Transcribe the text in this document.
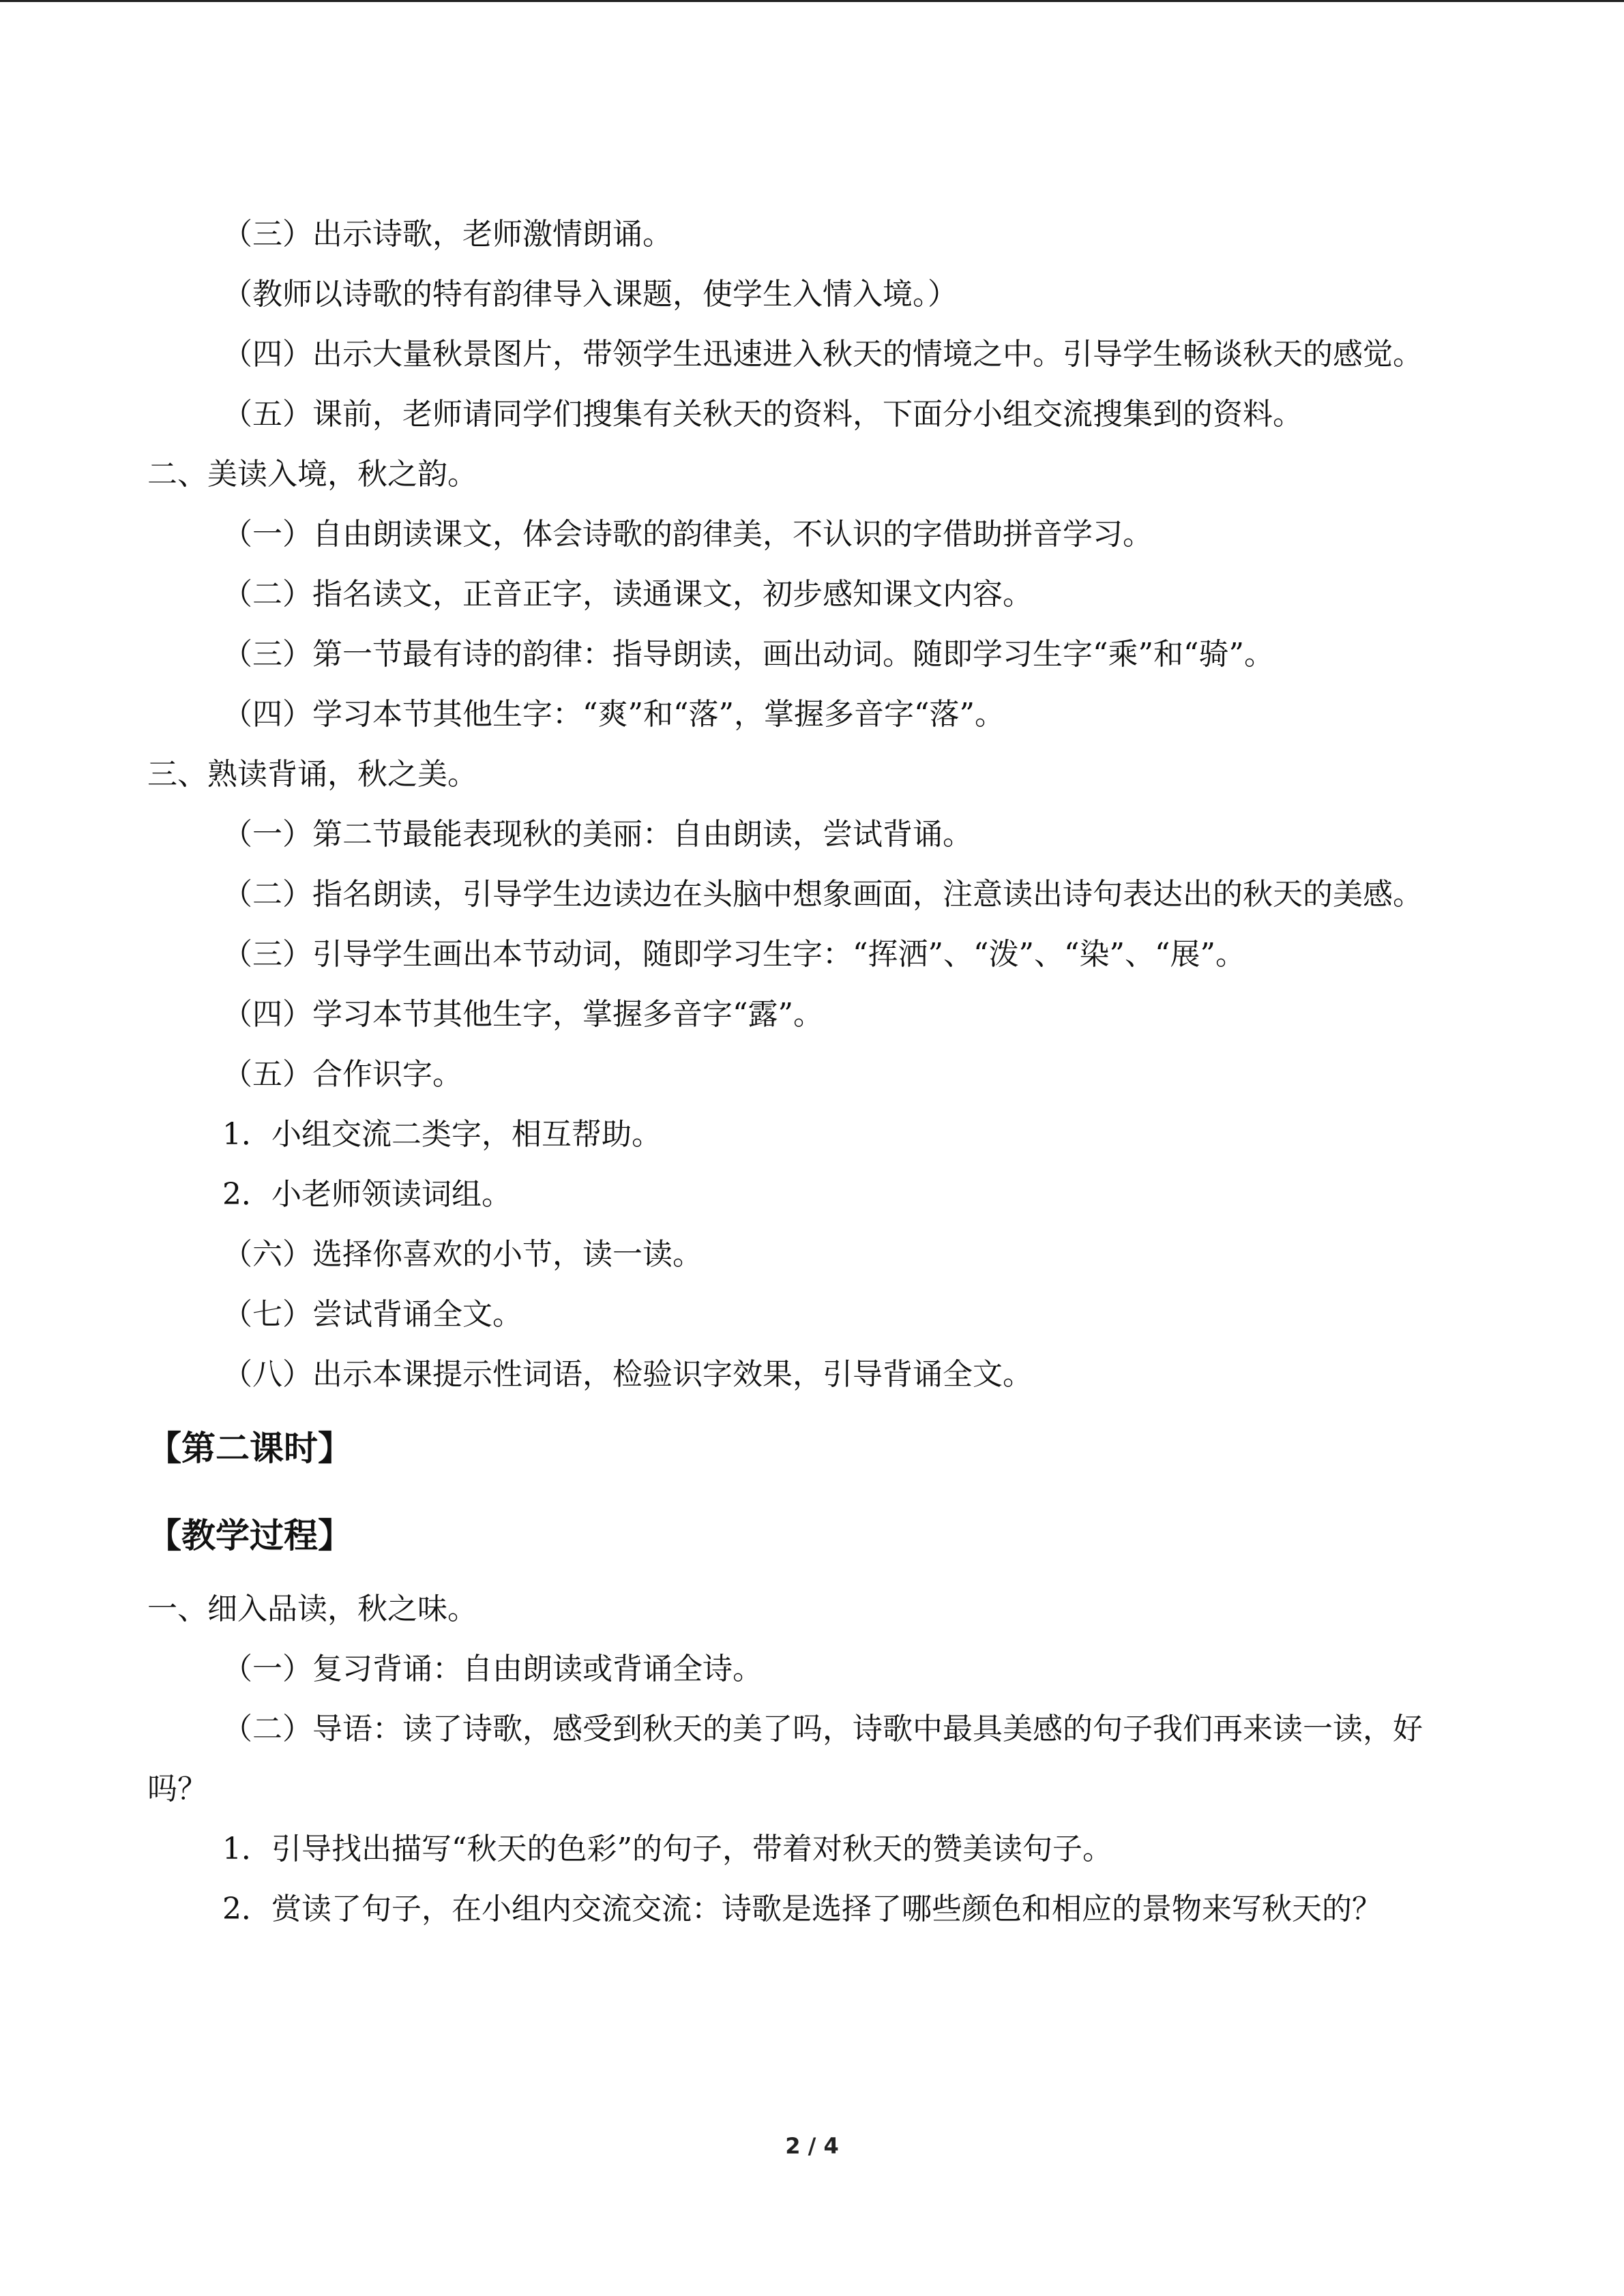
（三）出示诗歌，老师激情朗诵。
（教师以诗歌的特有韵律导入课题，使学生入情入境。）
（四）出示大量秋景图片，带领学生迅速进入秋天的情境之中。引导学生畅谈秋天的感觉。
（五）课前，老师请同学们搜集有关秋天的资料，下面分小组交流搜集到的资料。
二、美读入境，秋之韵。
（一）自由朗读课文，体会诗歌的韵律美，不认识的字借助拼音学习。
（二）指名读文，正音正字，读通课文，初步感知课文内容。
（三）第一节最有诗的韵律：指导朗读，画出动词。随即学习生字“乘”和“骑”。
（四）学习本节其他生字：“爽”和“落”，掌握多音字“落”。
三、熟读背诵，秋之美。
（一）第二节最能表现秋的美丽：自由朗读，尝试背诵。
（二）指名朗读，引导学生边读边在头脑中想象画面，注意读出诗句表达出的秋天的美感。
（三）引导学生画出本节动词，随即学习生字：“挥洒”、“泼”、“染”、“展”。
（四）学习本节其他生字，掌握多音字“露”。
（五）合作识字。
1．小组交流二类字，相互帮助。
2．小老师领读词组。
（六）选择你喜欢的小节，读一读。
（七）尝试背诵全文。
（八）出示本课提示性词语，检验识字效果，引导背诵全文。
【第二课时】
【教学过程】
一、细入品读，秋之味。
（一）复习背诵：自由朗读或背诵全诗。
（二）导语：读了诗歌，感受到秋天的美了吗，诗歌中最具美感的句子我们再来读一读，好吗？
1．引导找出描写“秋天的色彩”的句子，带着对秋天的赞美读句子。
2．赏读了句子，在小组内交流交流：诗歌是选择了哪些颜色和相应的景物来写秋天的？
2 / 4
